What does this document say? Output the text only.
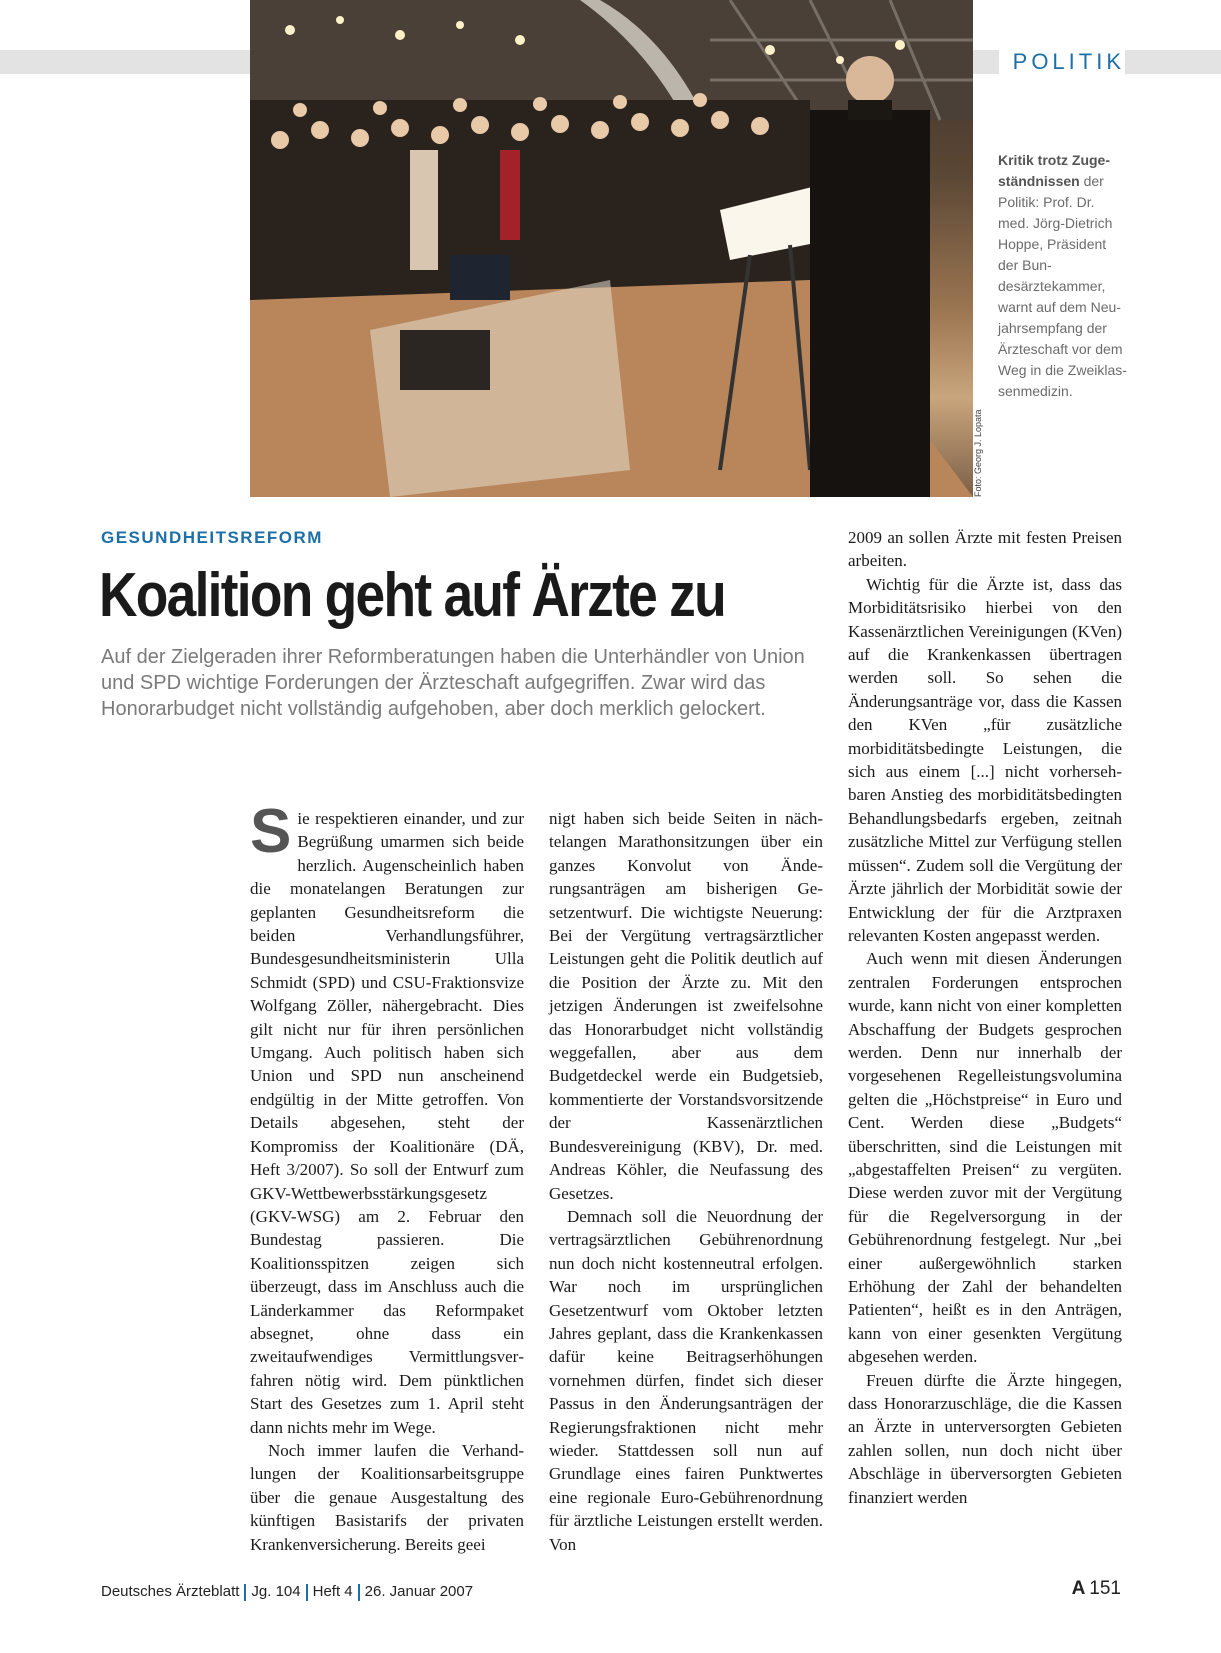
POLITIK
Foto: Georg J. Lopata
Kritik trotz Zugeständnissen der Politik: Prof. Dr. med. Jörg-Dietrich Hoppe, Präsident der Bundesärztekammer, warnt auf dem Neujahrsempfang der Ärzteschaft vor dem Weg in die Zweiklassenmedizin.
GESUNDHEITSREFORM
Koalition geht auf Ärzte zu

Auf der Zielgeraden ihrer Reformberatungen haben die Unterhändler von Union und SPD wichtige Forderungen der Ärzteschaft aufgegriffen. Zwar wird das Honorarbudget nicht vollständig aufgehoben, aber doch merklich gelockert.

Sie respektieren einander, und zur Begrüßung umarmen sich beide herzlich. Augenscheinlich haben die monatelangen Beratungen zur geplanten Gesundheitsreform die beiden Verhandlungsführer, Bundesgesundheitsministerin Ulla Schmidt (SPD) und CSU-Fraktionsvize Wolfgang Zöller, nähergebracht. Dies gilt nicht nur für ihren persönlichen Umgang. Auch politisch haben sich Union und SPD nun anscheinend endgültig in der Mitte getroffen. Von Details abgesehen, steht der Kompromiss der Koalitionäre (DÄ, Heft 3/2007). So soll der Entwurf zum GKV-Wettbewerbsstärkungsgesetz (GKV-WSG) am 2. Februar den Bundestag passieren. Die Koalitionsspitzen zeigen sich überzeugt, dass im Anschluss auch die Länderkammer das Reformpaket absegnet, ohne dass ein zweitaufwendiges Vermittlungsverfahren nötig wird. Dem pünktlichen Start des Gesetzes zum 1. April steht dann nichts mehr im Wege.

Noch immer laufen die Verhandlungen der Koalitionsarbeitsgruppe über die genaue Ausgestaltung des künftigen Basistarifs der privaten Krankenversicherung. Bereits geei

nigt haben sich beide Seiten in nächtelangen Marathonsitzungen über ein ganzes Konvolut von Änderungsanträgen am bisherigen Gesetzentwurf. Die wichtigste Neuerung: Bei der Vergütung vertragsärztlicher Leistungen geht die Politik deutlich auf die Position der Ärzte zu. Mit den jetzigen Änderungen ist zweifelsohne das Honorarbudget nicht vollständig weggefallen, aber aus dem Budgetdeckel werde ein Budgetsieb, kommentierte der Vorstandsvorsitzende der Kassenärztlichen Bundesvereinigung (KBV), Dr. med. Andreas Köhler, die Neufassung des Gesetzes.

Demnach soll die Neuordnung der vertragsärztlichen Gebührenordnung nun doch nicht kostenneutral erfolgen. War noch im ursprünglichen Gesetzentwurf vom Oktober letzten Jahres geplant, dass die Krankenkassen dafür keine Beitragserhöhungen vornehmen dürfen, findet sich dieser Passus in den Änderungsanträgen der Regierungsfraktionen nicht mehr wieder. Stattdessen soll nun auf Grundlage eines fairen Punktwertes eine regionale Euro-Gebührenordnung für ärztliche Leistungen erstellt werden. Von

2009 an sollen Ärzte mit festen Preisen arbeiten.

Wichtig für die Ärzte ist, dass das Morbiditätsrisiko hierbei von den Kassenärztlichen Vereinigungen (KVen) auf die Krankenkassen übertragen werden soll. So sehen die Änderungsanträge vor, dass die Kassen den KVen „für zusätzliche morbiditätsbedingte Leistungen, die sich aus einem [...] nicht vorhersehbaren Anstieg des morbiditätsbedingten Behandlungsbedarfs ergeben, zeitnah zusätzliche Mittel zur Verfügung stellen müssen“. Zudem soll die Vergütung der Ärzte jährlich der Morbidität sowie der Entwicklung der für die Arztpraxen relevanten Kosten angepasst werden.

Auch wenn mit diesen Änderungen zentralen Forderungen entsprochen wurde, kann nicht von einer kompletten Abschaffung der Budgets gesprochen werden. Denn nur innerhalb der vorgesehenen Regelleistungsvolumina gelten die „Höchstpreise“ in Euro und Cent. Werden diese „Budgets“ überschritten, sind die Leistungen mit „abgestaffelten Preisen“ zu vergüten. Diese werden zuvor mit der Vergütung für die Regelversorgung in der Gebührenordnung festgelegt. Nur „bei einer außergewöhnlich starken Erhöhung der Zahl der behandelten Patienten“, heißt es in den Anträgen, kann von einer gesenkten Vergütung abgesehen werden.

Freuen dürfte die Ärzte hingegen, dass Honorarzuschläge, die die Kassen an Ärzte in unterversorgten Gebieten zahlen sollen, nun doch nicht über Abschläge in überversorgten Gebieten finanziert werden

Deutsches Ärzteblatt Jg. 104 Heft 4 26. Januar 2007	A 151
